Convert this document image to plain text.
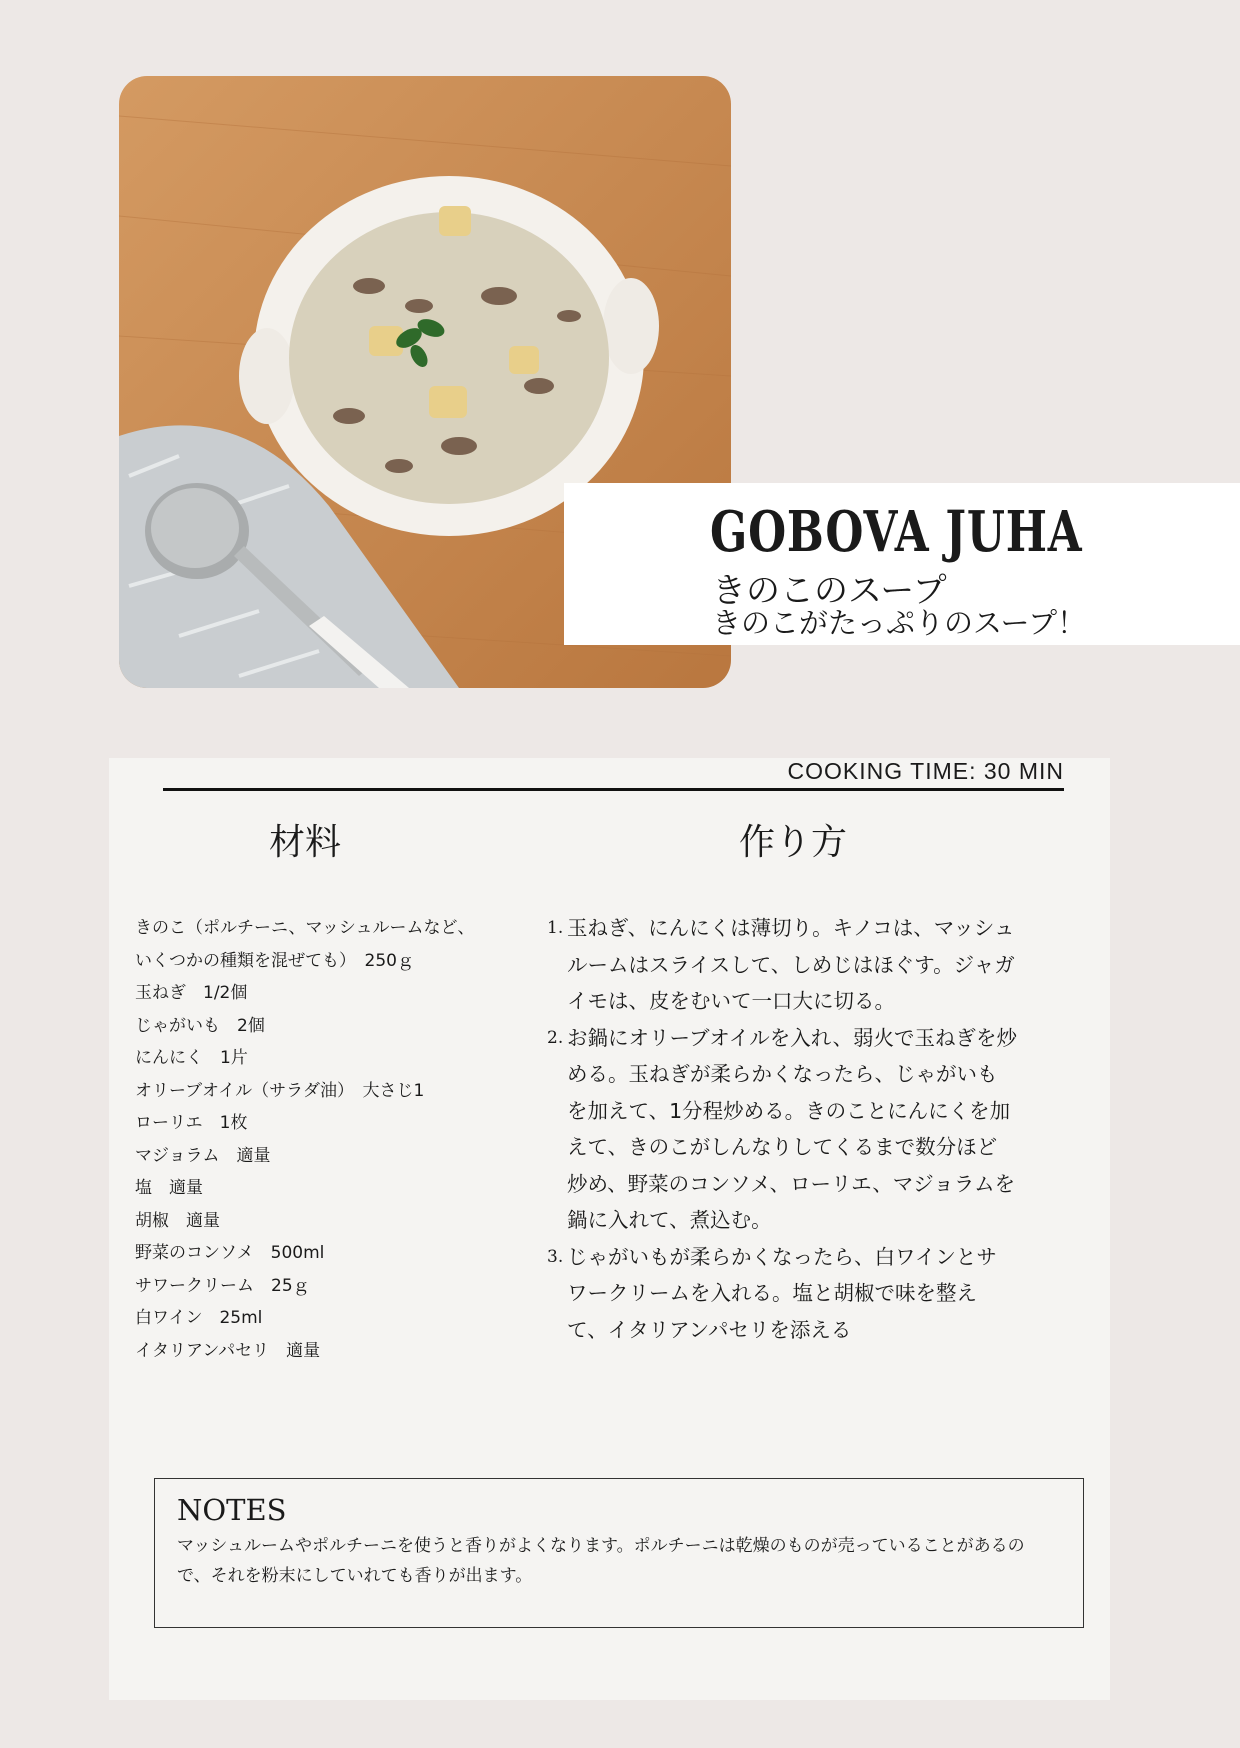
GOBOVA JUHA
きのこのスープ
きのこがたっぷりのスープ！
COOKING TIME: 30 MIN
材料	作り方
きのこ（ポルチーニ、マッシュルームなど、いくつかの種類を混ぜても）　250ｇ
玉ねぎ　1/2個
じゃがいも　2個
にんにく　1片
オリーブオイル（サラダ油）　大さじ1
ローリエ　1枚
マジョラム　適量
塩　適量
胡椒　適量
野菜のコンソメ　500ml
サワークリーム　25ｇ
白ワイン　25ml
イタリアンパセリ　適量
1. 玉ねぎ、にんにくは薄切り。キノコは、マッシュルームはスライスして、しめじはほぐす。ジャガイモは、皮をむいて一口大に切る。
2. お鍋にオリーブオイルを入れ、弱火で玉ねぎを炒める。玉ねぎが柔らかくなったら、じゃがいもを加えて、1分程炒める。きのことにんにくを加えて、きのこがしんなりしてくるまで数分ほど炒め、野菜のコンソメ、ローリエ、マジョラムを鍋に入れて、煮込む。
3. じゃがいもが柔らかくなったら、白ワインとサワークリームを入れる。塩と胡椒で味を整えて、イタリアンパセリを添える
NOTES
マッシュルームやポルチーニを使うと香りがよくなります。ポルチーニは乾燥のものが売っていることがあるので、それを粉末にしていれても香りが出ます。
